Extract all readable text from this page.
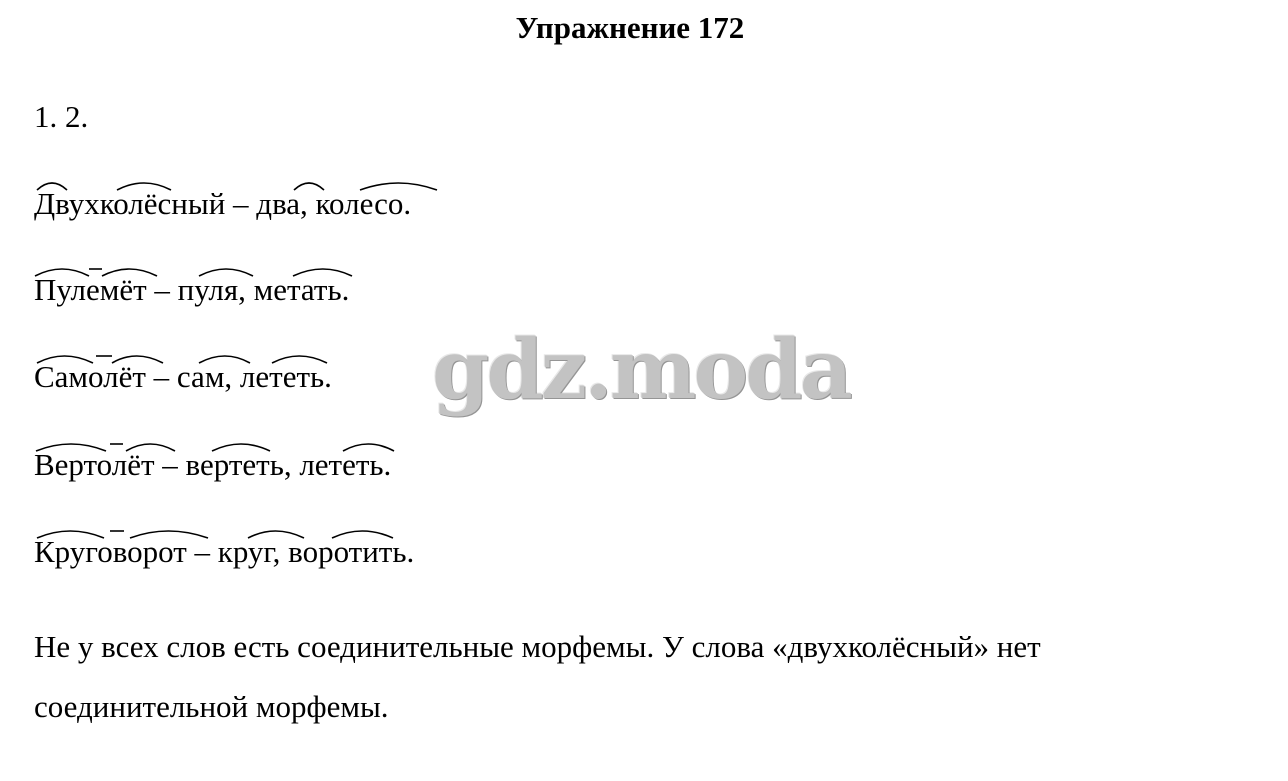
Упражнение 172
1. 2.
Двухколёсный – два, колесо.
Пулемёт – пуля, метать.
Самолёт – сам, лететь.
Вертолёт – вертеть, лететь.
Круговорот – круг, воротить.
Не у всех слов есть соединительные морфемы. У слова «двухколёсный» нет соединительной морфемы.
gdz.moda
